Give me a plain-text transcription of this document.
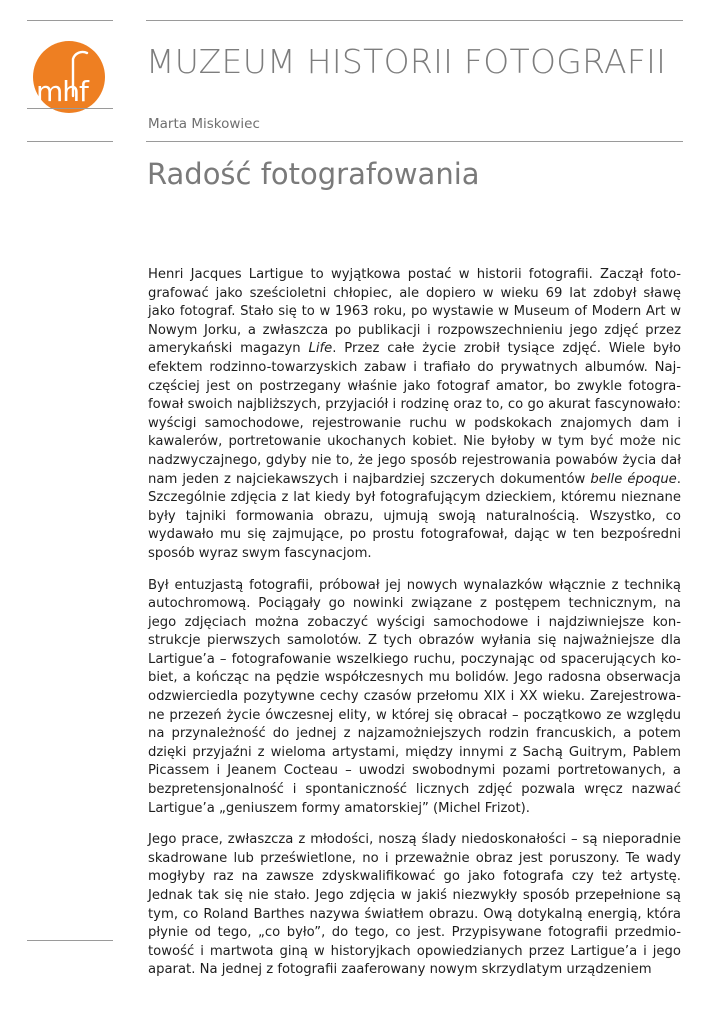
mhf
MUZEUM HISTORII FOTOGRAFII
Marta Miskowiec
Radość fotografowania

Henri Jacques Lartigue to wyjątkowa postać w historii fotografii. Zaczął fotografować jako sześcioletni chłopiec, ale dopiero w wieku 69 lat zdobył sławę jako fotograf. Stało się to w 1963 roku, po wystawie w Museum of Modern Art w Nowym Jorku, a zwłaszcza po publikacji i rozpowszechnieniu jego zdjęć przez amerykański magazyn Life. Przez całe życie zrobił tysiące zdjęć. Wiele było efektem rodzinno-towarzyskich zabaw i trafiało do prywatnych albumów. Najczęściej jest on postrzegany właśnie jako fotograf amator, bo zwykle fotografował swoich najbliższych, przyjaciół i rodzinę oraz to, co go akurat fascynowało: wyścigi samochodowe, rejestrowanie ruchu w podskokach znajomych dam i kawalerów, portretowanie ukochanych kobiet. Nie byłoby w tym być może nic nadzwyczajnego, gdyby nie to, że jego sposób rejestrowania powabów życia dał nam jeden z najciekawszych i najbardziej szczerych dokumentów belle époque. Szczególnie zdjęcia z lat kiedy był fotografującym dzieckiem, któremu nieznane były tajniki formowania obrazu, ujmują swoją naturalnością. Wszystko, co wydawało mu się zajmujące, po prostu fotografował, dając w ten bezpośredni sposób wyraz swym fascynacjom.

Był entuzjastą fotografii, próbował jej nowych wynalazków włącznie z techniką autochromową. Pociągały go nowinki związane z postępem technicznym, na jego zdjęciach można zobaczyć wyścigi samochodowe i najdziwniejsze konstrukcje pierwszych samolotów. Z tych obrazów wyłania się najważniejsze dla Lartigue’a – fotografowanie wszelkiego ruchu, poczynając od spacerujących kobiet, a kończąc na pędzie współczesnych mu bolidów. Jego radosna obserwacja odzwierciedla pozytywne cechy czasów przełomu XIX i XX wieku. Zarejestrowane przezeń życie ówczesnej elity, w której się obracał – początkowo ze względu na przynależność do jednej z najzamożniejszych rodzin francuskich, a potem dzięki przyjaźni z wieloma artystami, między innymi z Sachą Guitrym, Pablem Picassem i Jeanem Cocteau – uwodzi swobodnymi pozami portretowanych, a bezpretensjonalność i spontaniczność licznych zdjęć pozwala wręcz nazwać Lartigue’a „geniuszem formy amatorskiej” (Michel Frizot).

Jego prace, zwłaszcza z młodości, noszą ślady niedoskonałości – są nieporadnie skadrowane lub prześwietlone, no i przeważnie obraz jest poruszony. Te wady mogłyby raz na zawsze zdyskwalifikować go jako fotografa czy też artystę. Jednak tak się nie stało. Jego zdjęcia w jakiś niezwykły sposób przepełnione są tym, co Roland Barthes nazywa światłem obrazu. Ową dotykalną energią, która płynie od tego, „co było”, do tego, co jest. Przypisywane fotografii przedmiotowość i martwota giną w historyjkach opowiedzianych przez Lartigue’a i jego aparat. Na jednej z fotografii zaaferowany nowym skrzydlatym urządzeniem
